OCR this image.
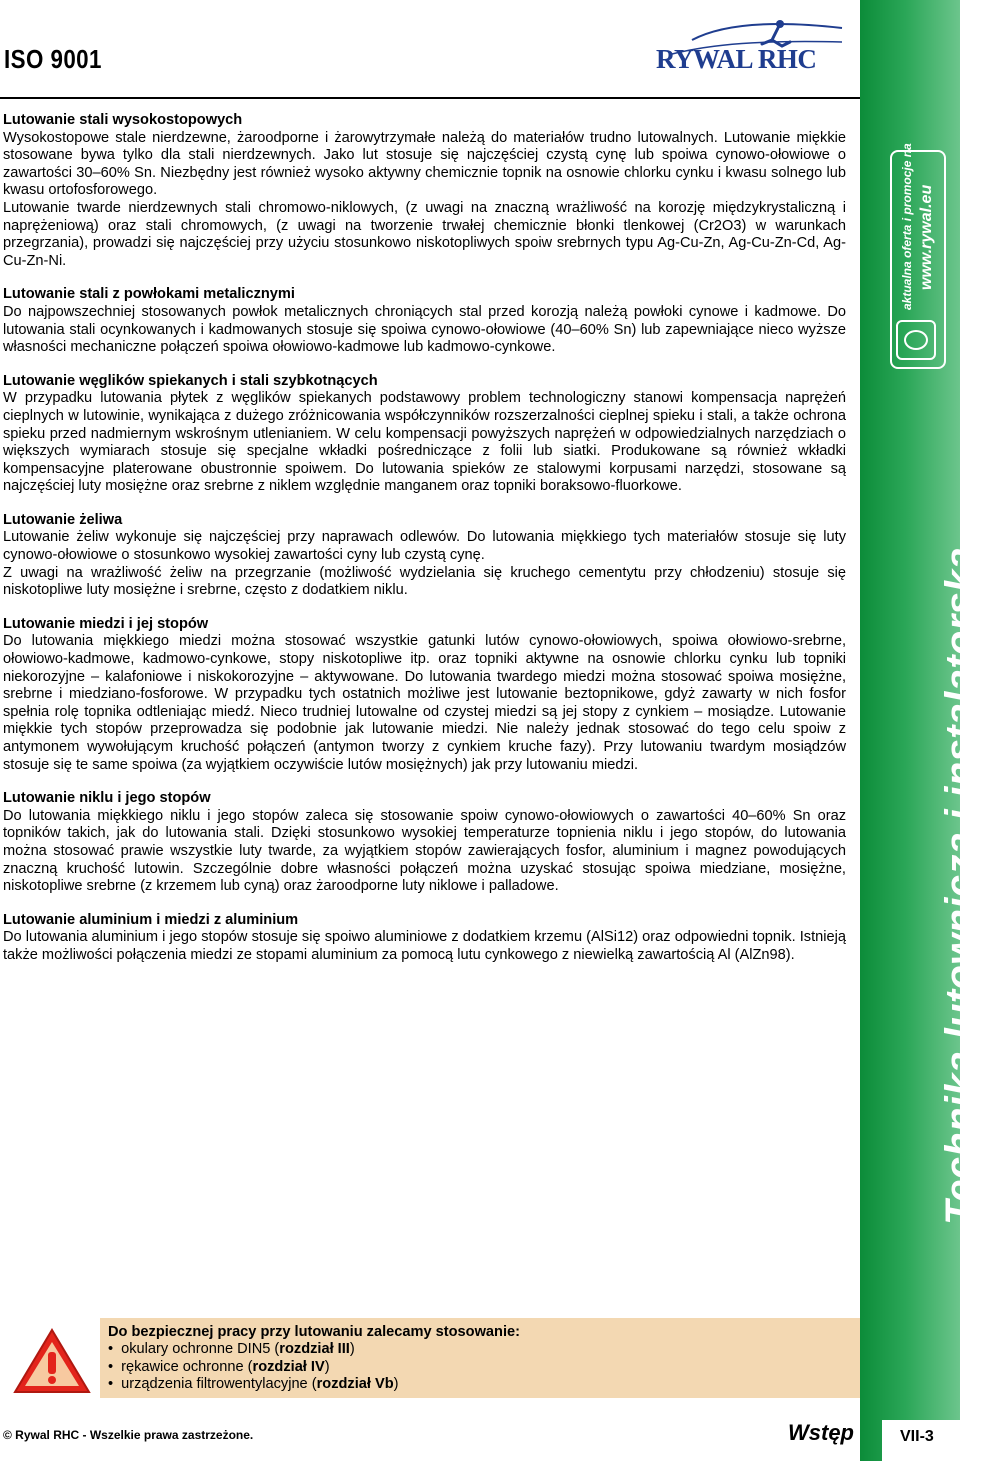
ISO 9001	RYWAL RHC
Lutowanie stali wysokostopowych

Wysokostopowe stale nierdzewne, żaroodporne i żarowytrzymałe należą do materiałów trudno lutowalnych. Lutowanie miękkie stosowane bywa tylko dla stali nierdzewnych. Jako lut stosuje się najczęściej czystą cynę lub spoiwa cynowo-ołowiowe o zawartości 30–60% Sn. Niezbędny jest również wysoko aktywny chemicznie topnik na osnowie chlorku cynku i kwasu solnego lub kwasu ortofosforowego.

Lutowanie twarde nierdzewnych stali chromowo-niklowych, (z uwagi na znaczną wrażliwość na korozję międzykrystaliczną i naprężeniową) oraz stali chromowych, (z uwagi na tworzenie trwałej chemicznie błonki tlenkowej (Cr2O3) w warunkach przegrzania), prowadzi się najczęściej przy użyciu stosunkowo niskotopliwych spoiw srebrnych typu Ag-Cu-Zn, Ag-Cu-Zn-Cd, Ag-Cu-Zn-Ni.

Lutowanie stali z powłokami metalicznymi

Do najpowszechniej stosowanych powłok metalicznych chroniących stal przed korozją należą powłoki cynowe i kadmowe. Do lutowania stali ocynkowanych i kadmowanych stosuje się spoiwa cynowo-ołowiowe (40–60% Sn) lub zapewniające nieco wyższe własności mechaniczne połączeń spoiwa ołowiowo-kadmowe lub kadmowo-cynkowe.

Lutowanie węglików spiekanych i stali szybkotnących

W przypadku lutowania płytek z węglików spiekanych podstawowy problem technologiczny stanowi kompensacja naprężeń cieplnych w lutowinie, wynikająca z dużego zróżnicowania współczynników rozszerzalności cieplnej spieku i stali, a także ochrona spieku przed nadmiernym wskrośnym utlenianiem. W celu kompensacji powyższych naprężeń w odpowiedzialnych narzędziach o większych wymiarach stosuje się specjalne wkładki pośredniczące z folii lub siatki. Produkowane są również wkładki kompensacyjne platerowane obustronnie spoiwem. Do lutowania spieków ze stalowymi korpusami narzędzi, stosowane są najczęściej luty mosiężne oraz srebrne z niklem względnie manganem oraz topniki boraksowo-fluorkowe.

Lutowanie żeliwa

Lutowanie żeliw wykonuje się najczęściej przy naprawach odlewów. Do lutowania miękkiego tych materiałów stosuje się luty cynowo-ołowiowe o stosunkowo wysokiej zawartości cyny lub czystą cynę.

Z uwagi na wrażliwość żeliw na przegrzanie (możliwość wydzielania się kruchego cementytu przy chłodzeniu) stosuje się niskotopliwe luty mosiężne i srebrne, często z dodatkiem niklu.

Lutowanie miedzi i jej stopów

Do lutowania miękkiego miedzi można stosować wszystkie gatunki lutów cynowo-ołowiowych, spoiwa ołowiowo-srebrne, ołowiowo-kadmowe, kadmowo-cynkowe, stopy niskotopliwe itp. oraz topniki aktywne na osnowie chlorku cynku lub topniki niekorozyjne – kalafoniowe i niskokorozyjne – aktywowane. Do lutowania twardego miedzi można stosować spoiwa mosiężne, srebrne i miedziano-fosforowe. W przypadku tych ostatnich możliwe jest lutowanie beztopnikowe, gdyż zawarty w nich fosfor spełnia rolę topnika odtleniając miedź. Nieco trudniej lutowalne od czystej miedzi są jej stopy z cynkiem – mosiądze. Lutowanie miękkie tych stopów przeprowadza się podobnie jak lutowanie miedzi. Nie należy jednak stosować do tego celu spoiw z antymonem wywołującym kruchość połączeń (antymon tworzy z cynkiem kruche fazy). Przy lutowaniu twardym mosiądzów stosuje się te same spoiwa (za wyjątkiem oczywiście lutów mosiężnych) jak przy lutowaniu miedzi.

Lutowanie niklu i jego stopów

Do lutowania miękkiego niklu i jego stopów zaleca się stosowanie spoiw cynowo-ołowiowych o zawartości 40–60% Sn oraz topników takich, jak do lutowania stali. Dzięki stosunkowo wysokiej temperaturze topnienia niklu i jego stopów, do lutowania można stosować prawie wszystkie luty twarde, za wyjątkiem stopów zawierających fosfor, aluminium i magnez powodujących znaczną kruchość lutowin. Szczególnie dobre własności połączeń można uzyskać stosując spoiwa miedziane, mosiężne, niskotopliwe srebrne (z krzemem lub cyną) oraz żaroodporne luty niklowe i palladowe.

Lutowanie aluminium i miedzi z aluminium

Do lutowania aluminium i jego stopów stosuje się spoiwo aluminiowe z dodatkiem krzemu (AlSi12) oraz odpowiedni topnik. Istnieją także możliwości połączenia miedzi ze stopami aluminium za pomocą lutu cynkowego z niewielką zawartością Al (AlZn98).

aktualna oferta i promocje na www.rywal.eu
Technika lutownicza i instalatorska
Do bezpiecznej pracy przy lutowaniu zalecamy stosowanie:
• okulary ochronne DIN5 (rozdział III)
• rękawice ochronne (rozdział IV)
• urządzenia filtrowentylacyjne (rozdział Vb)
© Rywal RHC - Wszelkie prawa zastrzeżone.	Wstęp	VII-3
